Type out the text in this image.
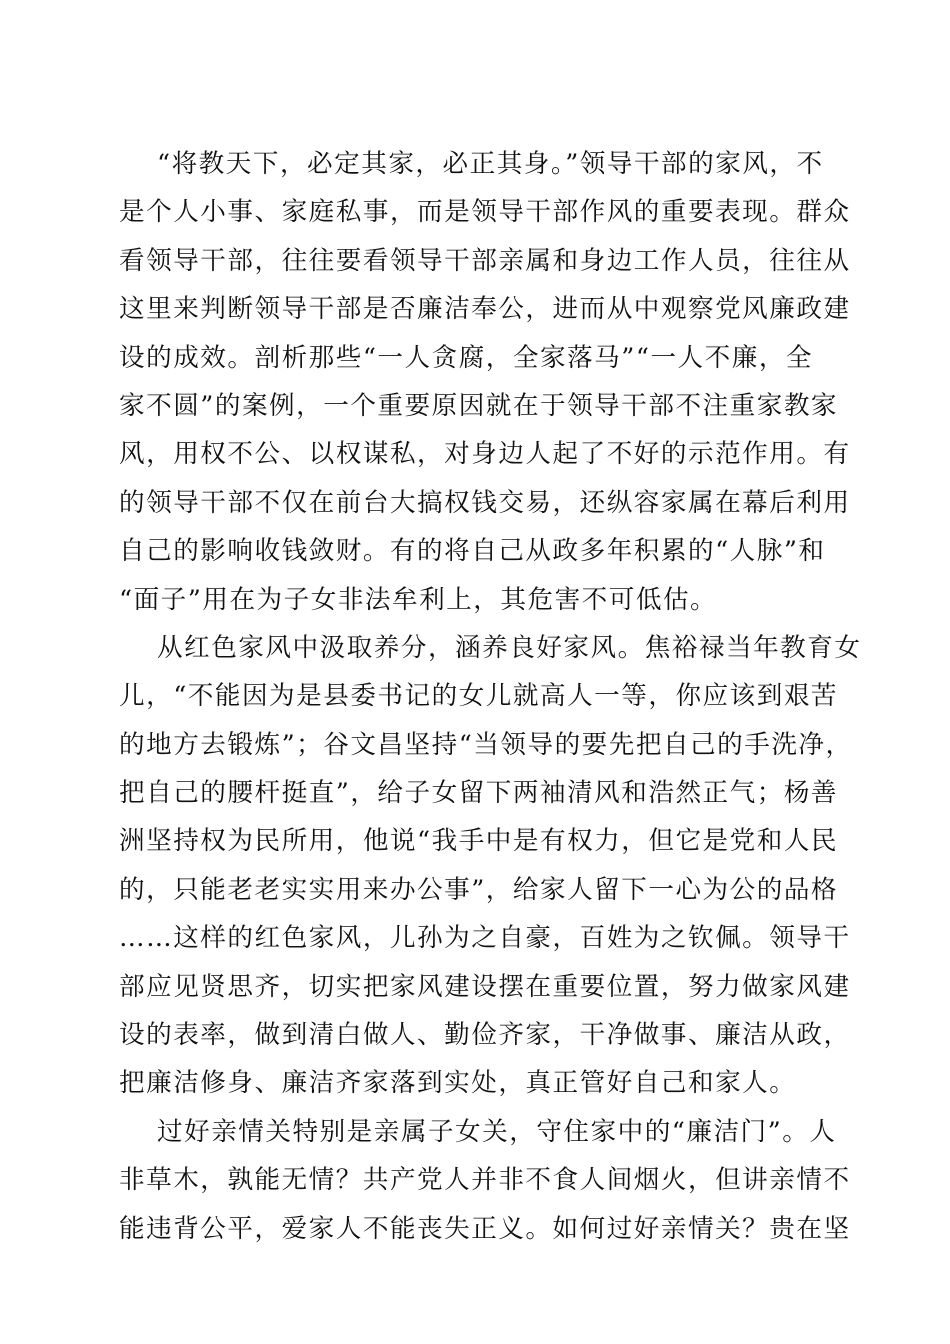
“将教天下，必定其家，必正其身。”领导干部的家风，不
是个人小事、家庭私事，而是领导干部作风的重要表现。群众
看领导干部，往往要看领导干部亲属和身边工作人员，往往从
这里来判断领导干部是否廉洁奉公，进而从中观察党风廉政建
设的成效。剖析那些“一人贪腐，全家落马”“一人不廉，全
家不圆”的案例，一个重要原因就在于领导干部不注重家教家
风，用权不公、以权谋私，对身边人起了不好的示范作用。有
的领导干部不仅在前台大搞权钱交易，还纵容家属在幕后利用
自己的影响收钱敛财。有的将自己从政多年积累的“人脉”和
“面子”用在为子女非法牟利上，其危害不可低估。
从红色家风中汲取养分，涵养良好家风。焦裕禄当年教育女
儿，“不能因为是县委书记的女儿就高人一等，你应该到艰苦
的地方去锻炼”；谷文昌坚持“当领导的要先把自己的手洗净，
把自己的腰杆挺直”，给子女留下两袖清风和浩然正气；杨善
洲坚持权为民所用，他说“我手中是有权力，但它是党和人民
的，只能老老实实用来办公事”，给家人留下一心为公的品格
……这样的红色家风，儿孙为之自豪，百姓为之钦佩。领导干
部应见贤思齐，切实把家风建设摆在重要位置，努力做家风建
设的表率，做到清白做人、勤俭齐家，干净做事、廉洁从政，
把廉洁修身、廉洁齐家落到实处，真正管好自己和家人。
过好亲情关特别是亲属子女关，守住家中的“廉洁门”。人
非草木，孰能无情？共产党人并非不食人间烟火，但讲亲情不
能违背公平，爱家人不能丧失正义。如何过好亲情关？贵在坚
